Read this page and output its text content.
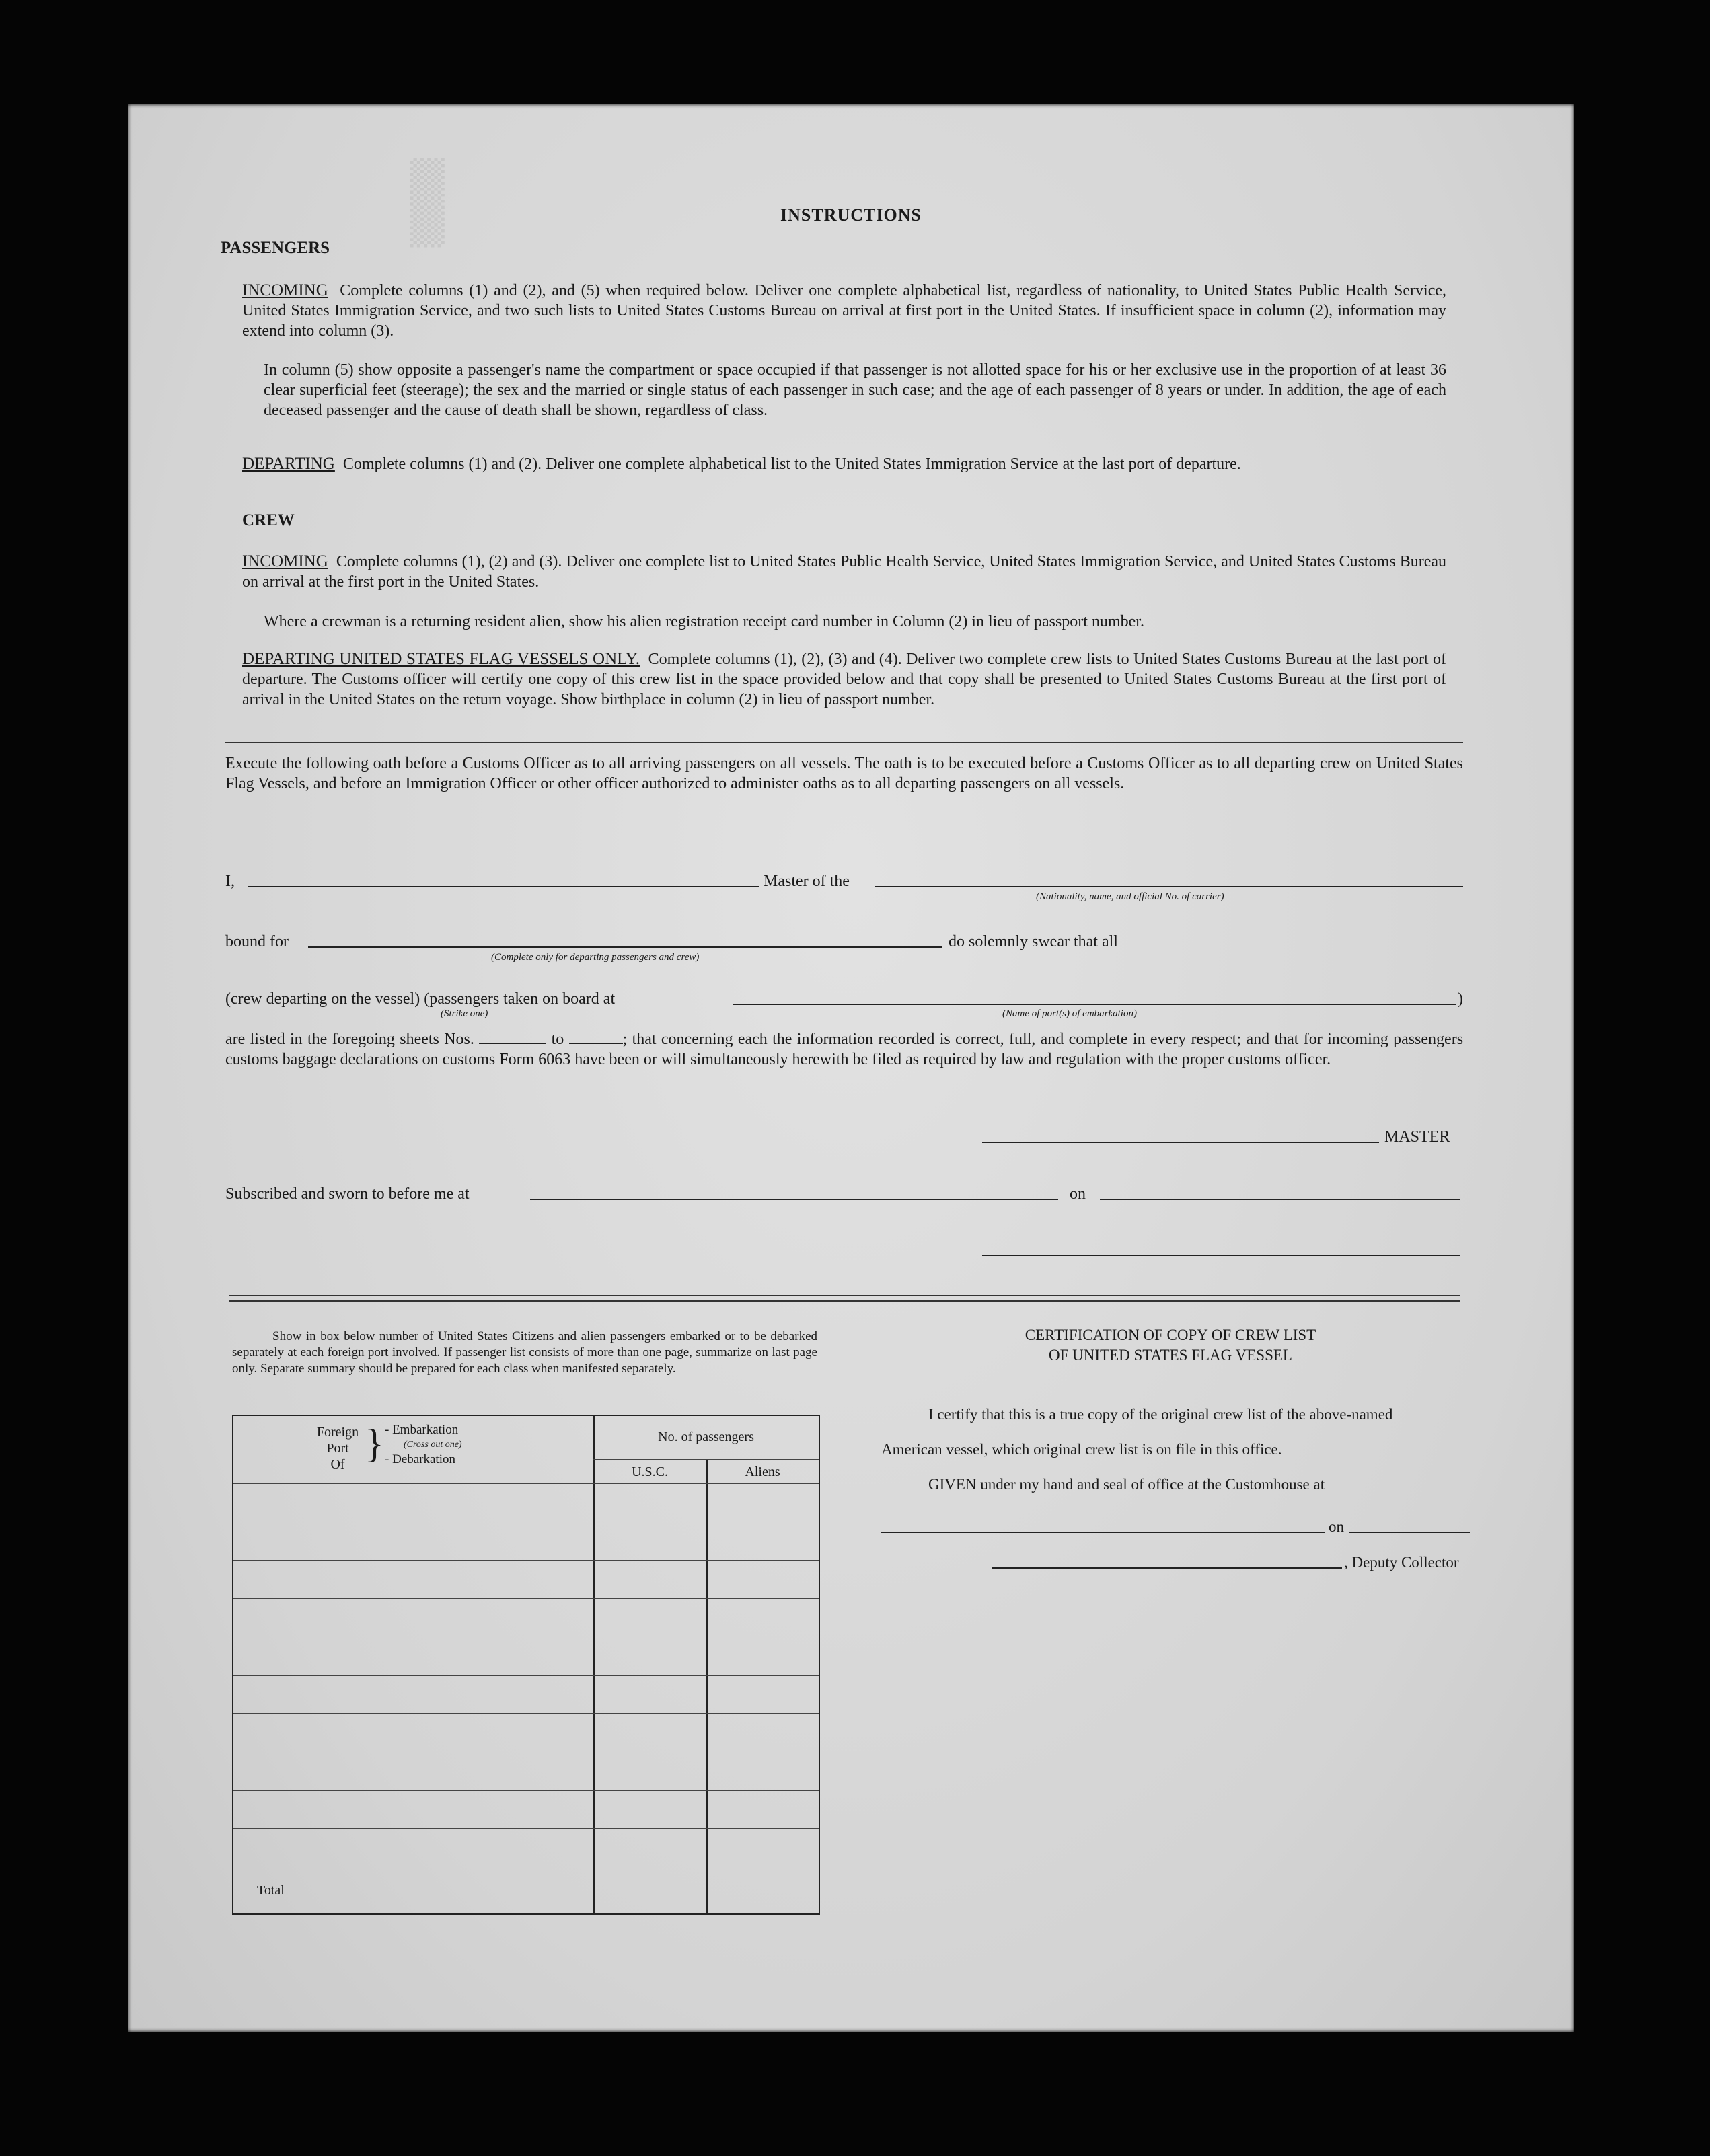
▒▒▒▒▒	INSTRUCTIONS
PASSENGERS
INCOMING Complete columns (1) and (2), and (5) when required below. Deliver one complete alphabetical list, regardless of nationality, to United States Public Health Service, United States Immigration Service, and two such lists to United States Customs Bureau on arrival at first port in the United States. If insufficient space in column (2), information may extend into column (3).
In column (5) show opposite a passenger's name the compartment or space occupied if that passenger is not allotted space for his or her exclusive use in the proportion of at least 36 clear superficial feet (steerage); the sex and the married or single status of each passenger in such case; and the age of each passenger of 8 years or under. In addition, the age of each deceased passenger and the cause of death shall be shown, regardless of class.
DEPARTING Complete columns (1) and (2). Deliver one complete alphabetical list to the United States Immigration Service at the last port of departure.
CREW
INCOMING Complete columns (1), (2) and (3). Deliver one complete list to United States Public Health Service, United States Immigration Service, and United States Customs Bureau on arrival at the first port in the United States.
Where a crewman is a returning resident alien, show his alien registration receipt card number in Column (2) in lieu of passport number.
DEPARTING UNITED STATES FLAG VESSELS ONLY. Complete columns (1), (2), (3) and (4). Deliver two complete crew lists to United States Customs Bureau at the last port of departure. The Customs officer will certify one copy of this crew list in the space provided below and that copy shall be presented to United States Customs Bureau at the first port of arrival in the United States on the return voyage. Show birthplace in column (2) in lieu of passport number.
Execute the following oath before a Customs Officer as to all arriving passengers on all vessels. The oath is to be executed before a Customs Officer as to all departing crew on United States Flag Vessels, and before an Immigration Officer or other officer authorized to administer oaths as to all departing passengers on all vessels.
I,	Master of the
(Nationality, name, and official No. of carrier)
bound for
(Complete only for departing passengers and crew)
do solemnly swear that all
(crew departing on the vessel) (passengers taken on board at
(Strike one)
)
(Name of port(s) of embarkation)
are listed in the foregoing sheets Nos.	to	; that concerning each the information recorded is correct, full, and complete in every respect; and that for incoming passengers customs baggage declarations on customs Form 6063 have been or will simultaneously herewith be filed as required by law and regulation with the proper customs officer.
MASTER
Subscribed and sworn to before me at	on
Show in box below number of United States Citizens and alien passengers embarked or to be debarked separately at each foreign port involved. If passenger list consists of more than one page, summarize on last page only. Separate summary should be prepared for each class when manifested separately.
Foreign
Port
Of } - Embarkation
(Cross out one)
- Debarkation
No. of passengers
U.S.C.	Aliens
Total
CERTIFICATION OF COPY OF CREW LIST
OF UNITED STATES FLAG VESSEL
I certify that this is a true copy of the original crew list of the above-named
American vessel, which original crew list is on file in this office.
GIVEN under my hand and seal of office at the Customhouse at
on
, Deputy Collector
